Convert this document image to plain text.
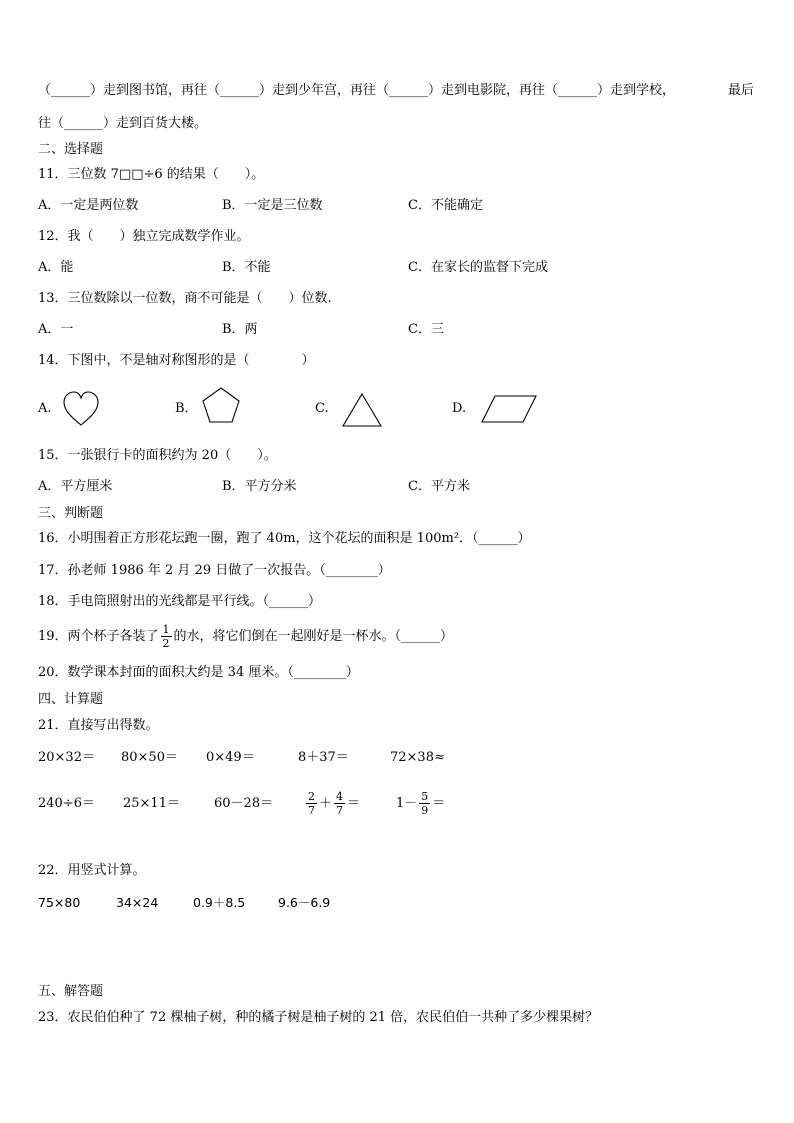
（______）走到图书馆，再往（______）走到少年宫，再往（______）走到电影院，再往（______）走到学校，	最后
往（______）走到百货大楼。
二、选择题
11．三位数 7□□÷6 的结果（　　）。
A．一定是两位数	B．一定是三位数	C．不能确定
12．我（　　）独立完成数学作业。
A．能	B．不能	C．在家长的监督下完成
13．三位数除以一位数，商不可能是（　　）位数.
A．一	B．两	C．三
14．下图中，不是轴对称图形的是（　　　　）
A.	B．	C.	D.
15．一张银行卡的面积约为 20（　　）。
A．平方厘米	B．平方分米	C．平方米
三、判断题
16．小明围着正方形花坛跑一圈，跑了 40m，这个花坛的面积是 100m²．（______）
17．孙老师 1986 年 2 月 29 日做了一次报告。（________）
18．手电筒照射出的光线都是平行线。（______）
19．两个杯子各装了 $\frac{1}{2}$ 的水，将它们倒在一起刚好是一杯水。（______）
20．数学课本封面的面积大约是 34 厘米。（________）
四、计算题
21．直接写出得数。
20×32＝ 80×50＝ 0×49＝	8＋37＝	72×38≈
240÷6＝ 25×11＝	60－28＝	$\frac{2}{7} + \frac{4}{7}$ ＝	$1- \frac{5}{9}$ ＝
22．用竖式计算。
75×80	34×24	0.9＋8.5	9.6－6.9
五、解答题
23．农民伯伯种了 72 棵柚子树，种的橘子树是柚子树的 21 倍，农民伯伯一共种了多少棵果树？
